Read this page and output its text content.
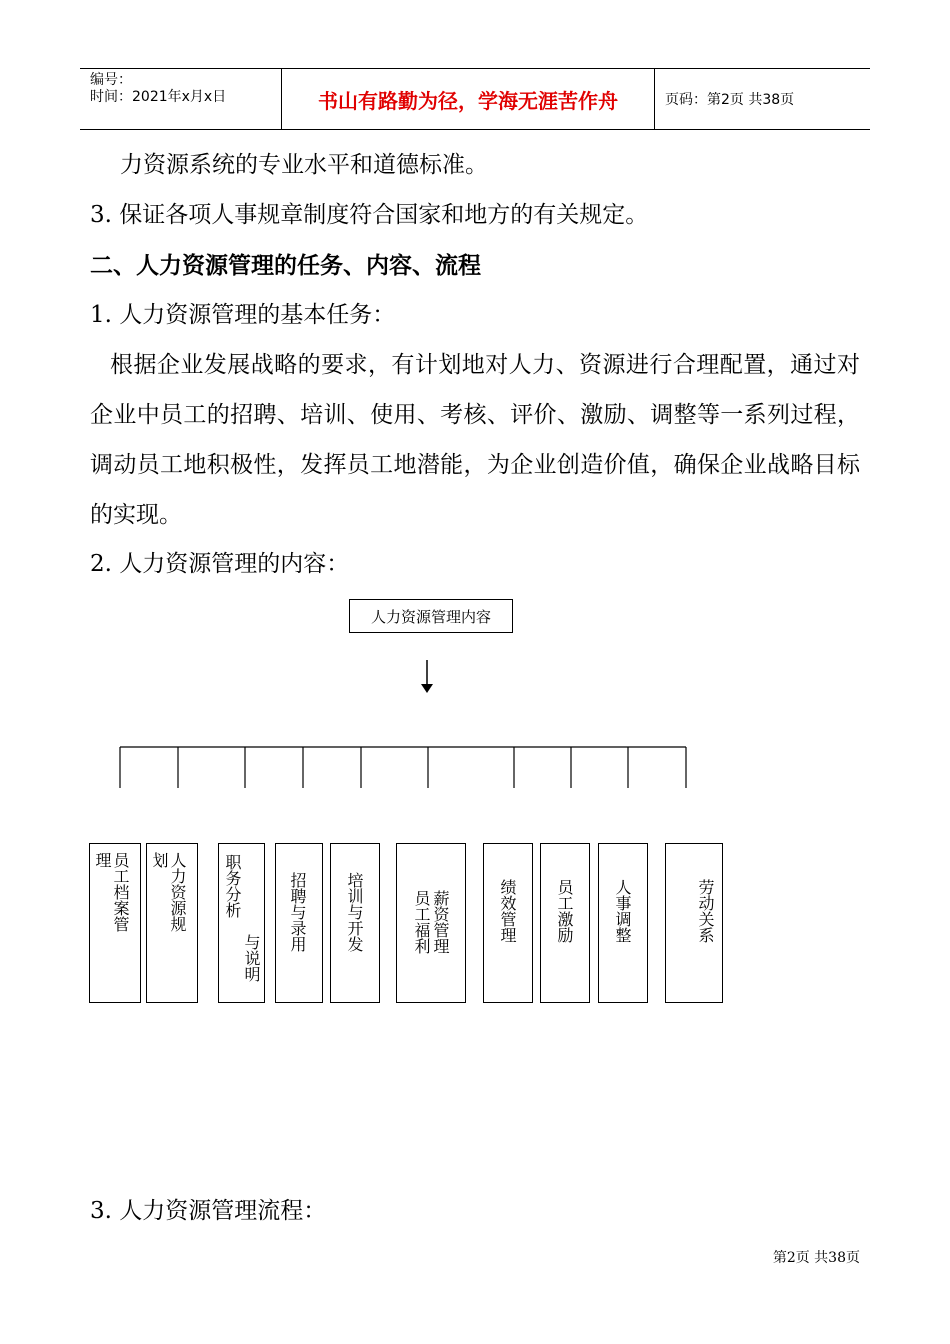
编号：
时间：2021年x月x日	书山有路勤为径，学海无涯苦作舟	页码：第2页 共38页
力资源系统的专业水平和道德标准。
3. 保证各项人事规章制度符合国家和地方的有关规定。
二、人力资源管理的任务、内容、流程
1. 人力资源管理的基本任务：
根据企业发展战略的要求，有计划地对人力、资源进行合理配置，通过对企业中员工的招聘、培训、使用、考核、评价、激励、调整等一系列过程，调动员工地积极性，发挥员工地潜能，为企业创造价值，确保企业战略目标的实现。
2. 人力资源管理的内容：
人力资源管理内容
员工档案管
理	人力资源规
划	职务分析
与说明
招聘与录用 培训与开发	薪资管理
员工福利	绩效管理 员工激励 人事调整	劳动关系
3. 人力资源管理流程：
第2页 共38页
